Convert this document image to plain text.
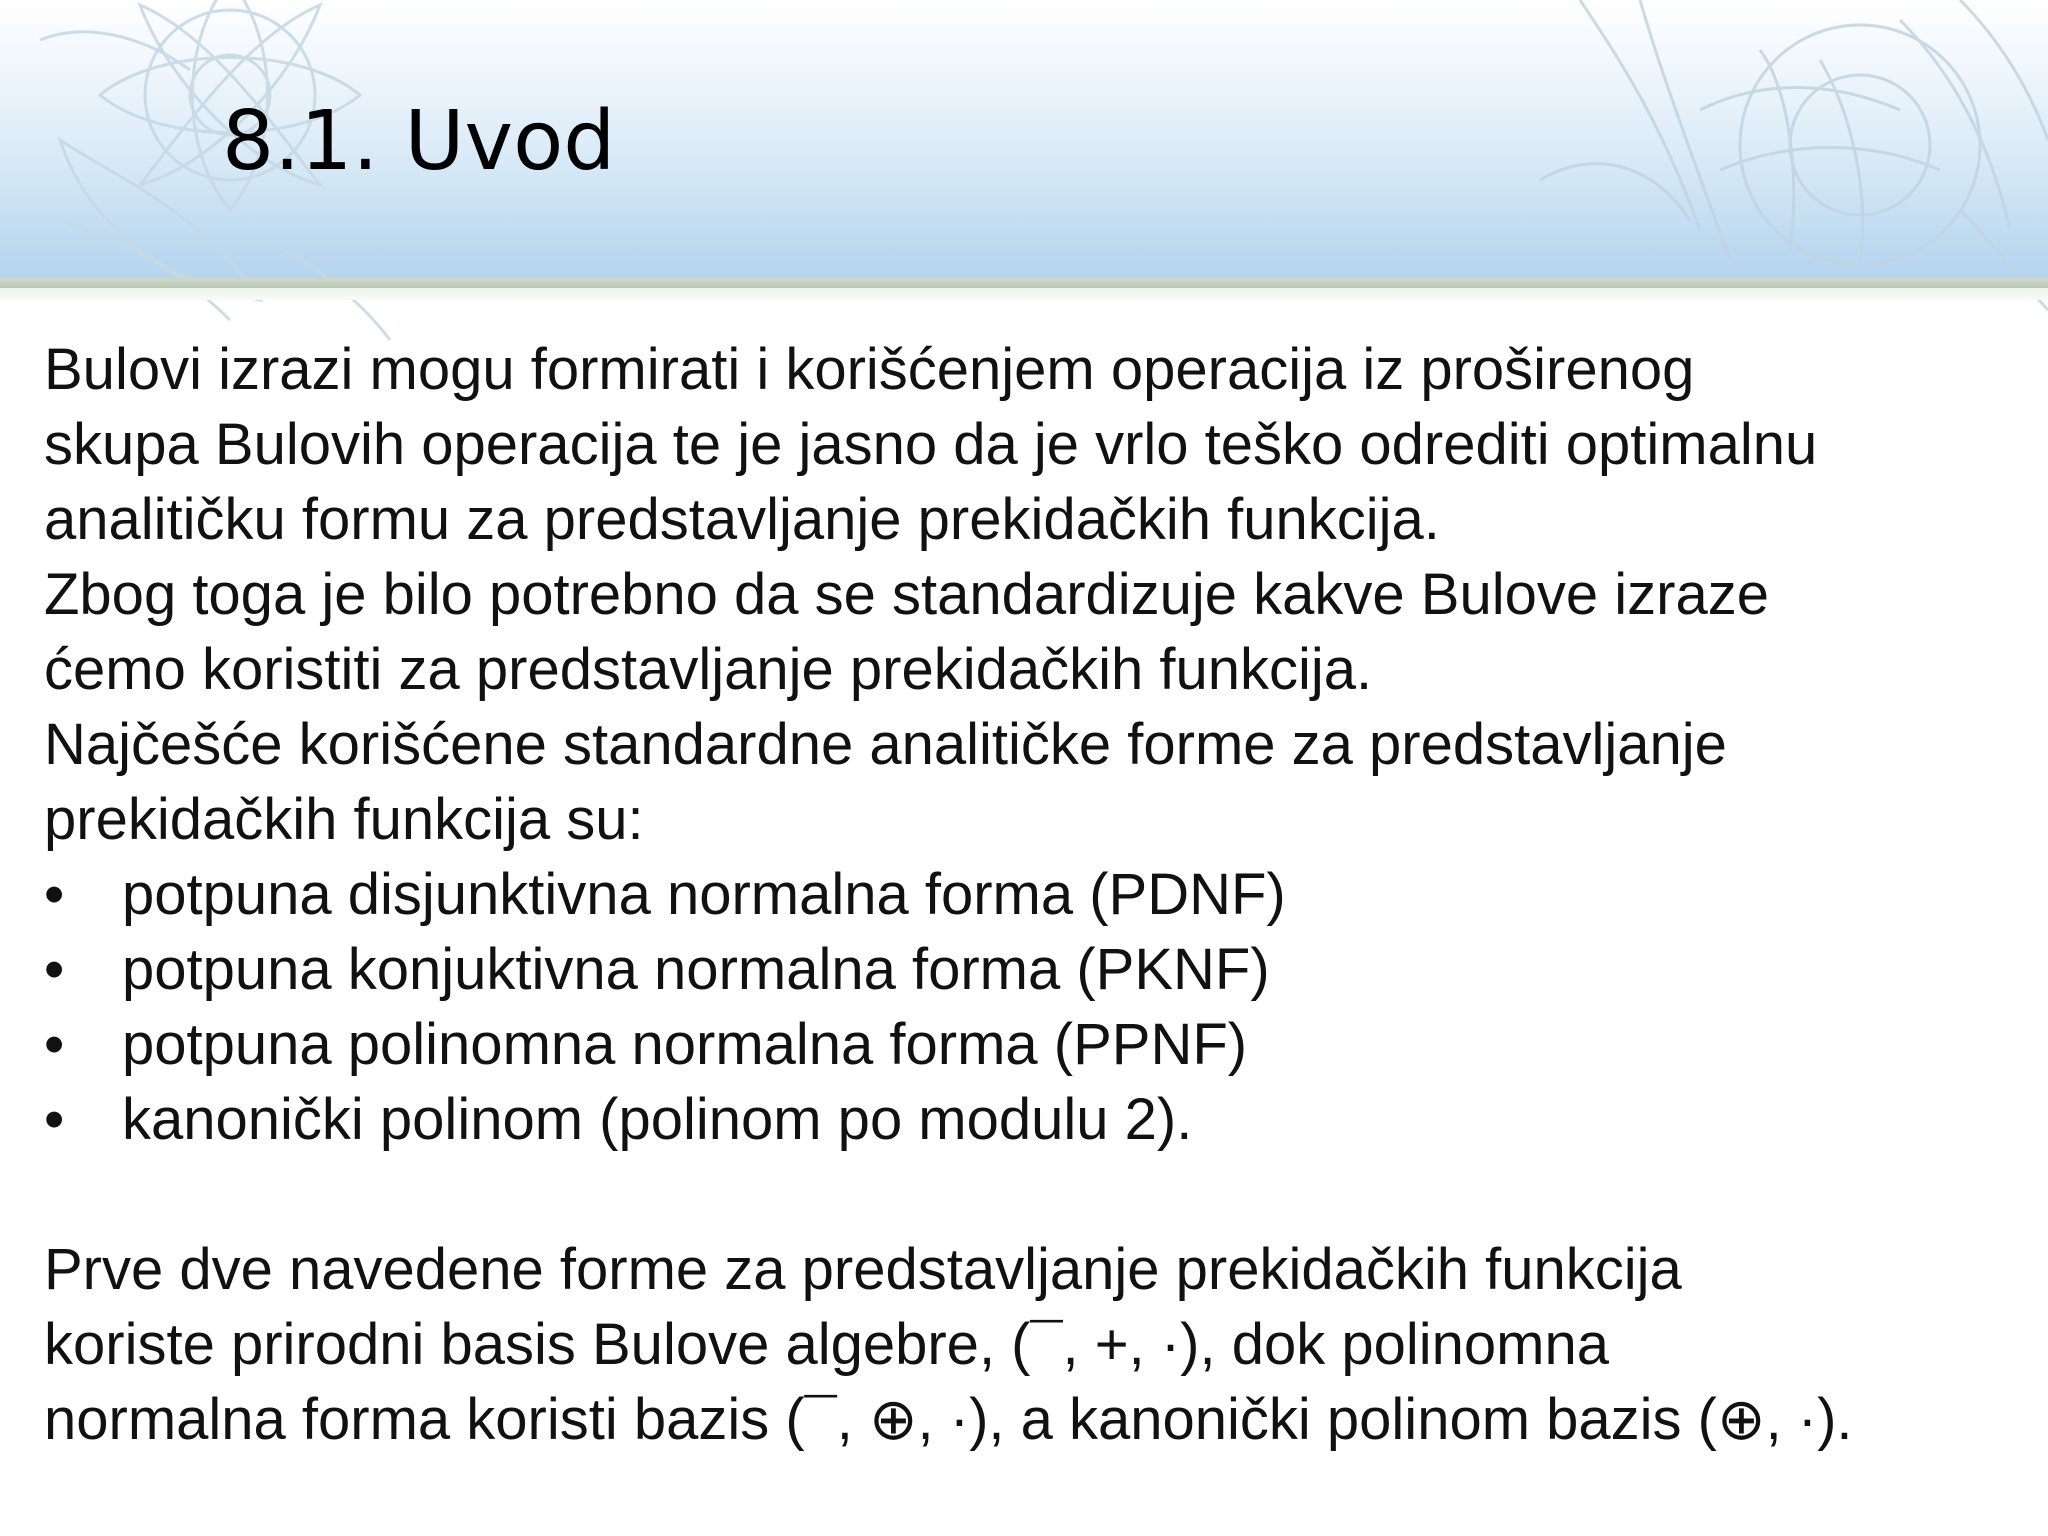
8.1. Uvod

Bulovi izrazi mogu formirati i korišćenjem operacija iz proširenog

skupa Bulovih operacija te je jasno da je vrlo teško odrediti optimalnu

analitičku formu za predstavljanje prekidačkih funkcija.

Zbog toga je bilo potrebno da se standardizuje kakve Bulove izraze

ćemo koristiti za predstavljanje prekidačkih funkcija.

Najčešće korišćene standardne analitičke forme za predstavljanje

prekidačkih funkcija su:

• potpuna disjunktivna normalna forma (PDNF)
• potpuna konjuktivna normalna forma (PKNF)
• potpuna polinomna normalna forma (PPNF)
• kanonički polinom (polinom po modulu 2).

Prve dve navedene forme za predstavljanje prekidačkih funkcija

koriste prirodni basis Bulove algebre, (¯, +, ·), dok polinomna

normalna forma koristi bazis (¯, ⊕, ·), a kanonički polinom bazis (⊕, ·).
